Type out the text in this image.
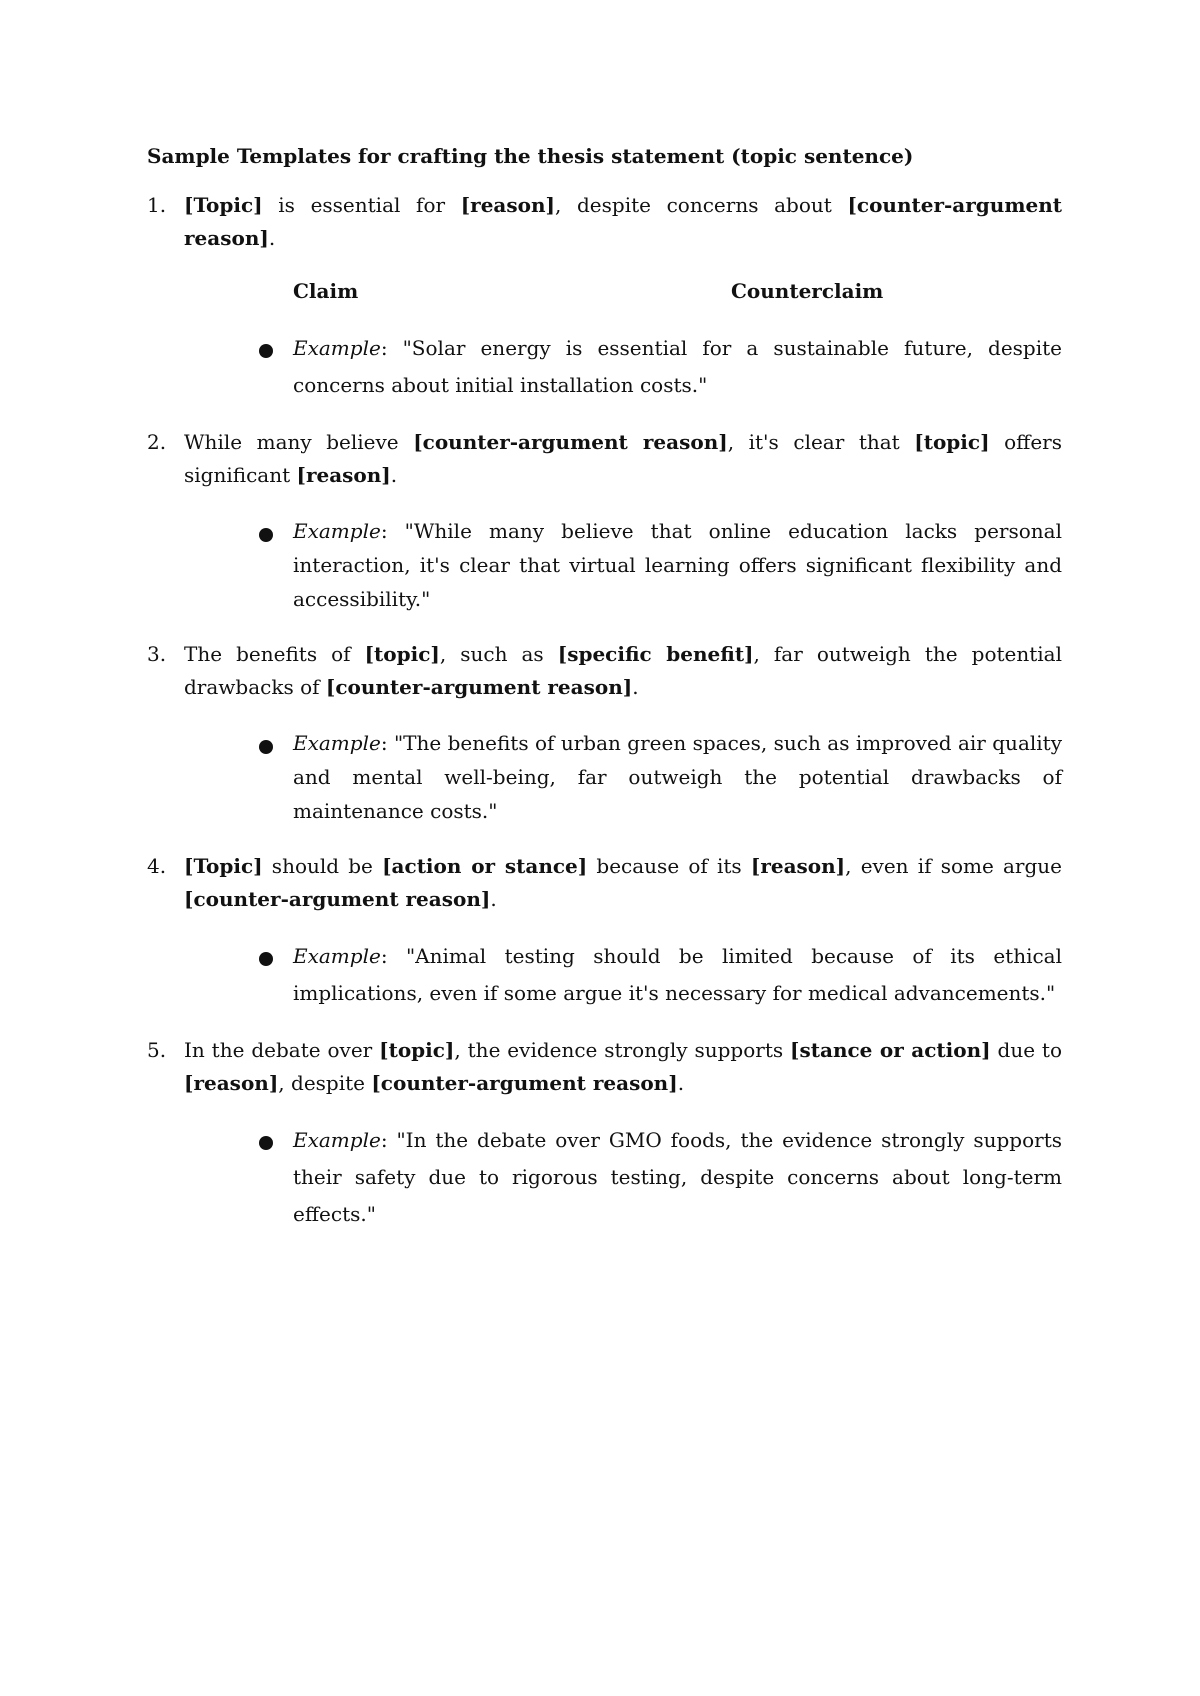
Sample Templates for crafting the thesis statement (topic sentence)
1. [Topic] is essential for [reason], despite concerns about [counter-argument reason].
Claim	Counterclaim
Example: "Solar energy is essential for a sustainable future, despite concerns about initial installation costs."
2. While many believe [counter-argument reason], it's clear that [topic] offers significant [reason].
Example: "While many believe that online education lacks personal interaction, it's clear that virtual learning offers significant flexibility and accessibility."
3. The benefits of [topic], such as [specific benefit], far outweigh the potential drawbacks of [counter-argument reason].
Example: "The benefits of urban green spaces, such as improved air quality and mental well-being, far outweigh the potential drawbacks of maintenance costs."
4. [Topic] should be [action or stance] because of its [reason], even if some argue [counter-argument reason].
Example: "Animal testing should be limited because of its ethical implications, even if some argue it's necessary for medical advancements."
5. In the debate over [topic], the evidence strongly supports [stance or action] due to [reason], despite [counter-argument reason].
Example: "In the debate over GMO foods, the evidence strongly supports their safety due to rigorous testing, despite concerns about long-term effects."
